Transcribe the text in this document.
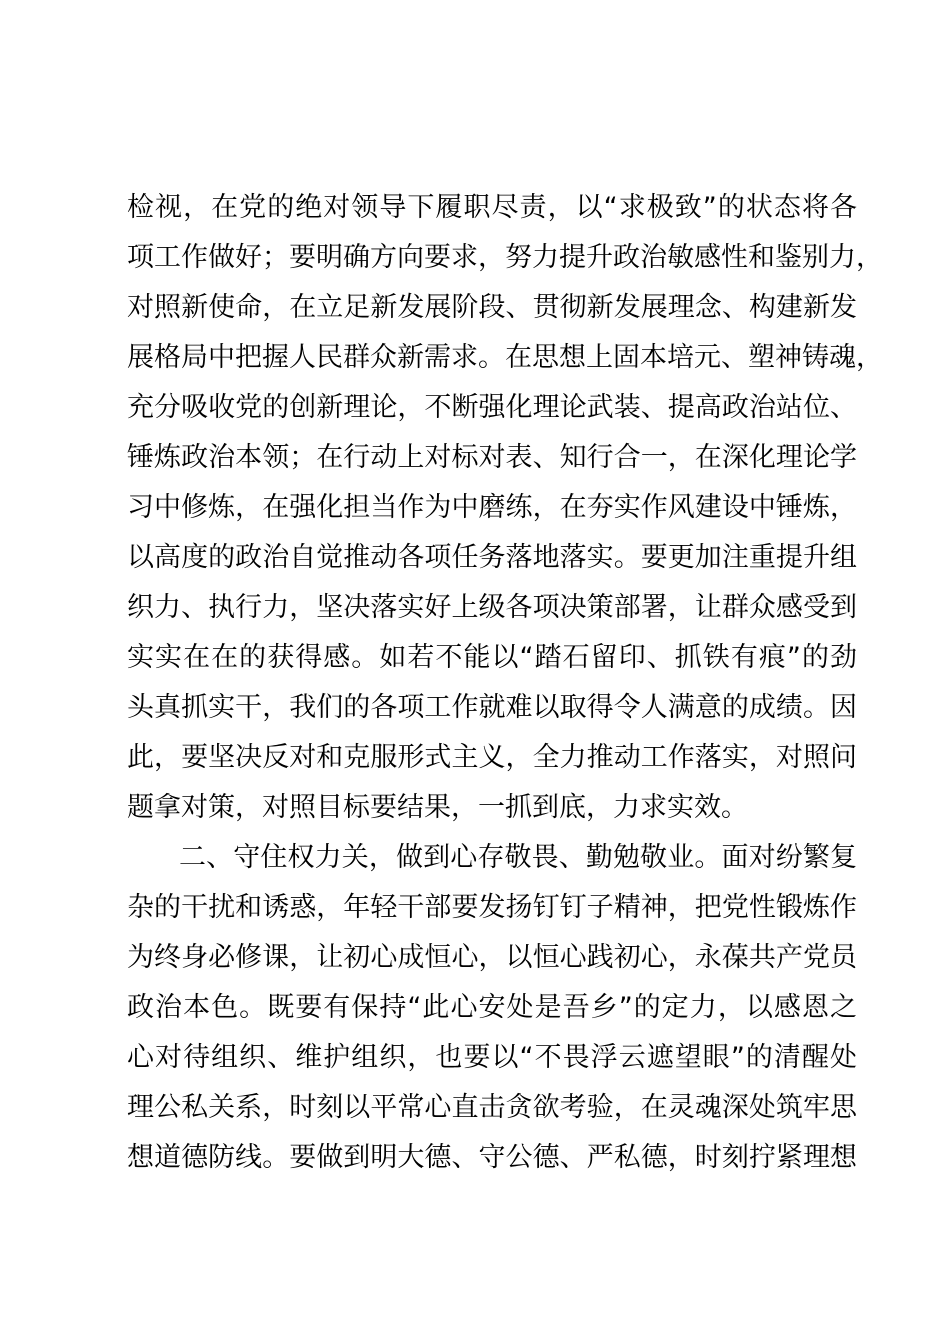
检视，在党的绝对领导下履职尽责，以“求极致”的状态将各
项工作做好；要明确方向要求，努力提升政治敏感性和鉴别力，
对照新使命，在立足新发展阶段、贯彻新发展理念、构建新发
展格局中把握人民群众新需求。在思想上固本培元、塑神铸魂，
充分吸收党的创新理论，不断强化理论武装、提高政治站位、
锤炼政治本领；在行动上对标对表、知行合一，在深化理论学
习中修炼，在强化担当作为中磨练，在夯实作风建设中锤炼，
以高度的政治自觉推动各项任务落地落实。要更加注重提升组
织力、执行力，坚决落实好上级各项决策部署，让群众感受到
实实在在的获得感。如若不能以“踏石留印、抓铁有痕”的劲
头真抓实干，我们的各项工作就难以取得令人满意的成绩。因
此，要坚决反对和克服形式主义，全力推动工作落实，对照问
题拿对策，对照目标要结果，一抓到底，力求实效。
二、守住权力关，做到心存敬畏、勤勉敬业。面对纷繁复
杂的干扰和诱惑，年轻干部要发扬钉钉子精神，把党性锻炼作
为终身必修课，让初心成恒心，以恒心践初心，永葆共产党员
政治本色。既要有保持“此心安处是吾乡”的定力，以感恩之
心对待组织、维护组织，也要以“不畏浮云遮望眼”的清醒处
理公私关系，时刻以平常心直击贪欲考验，在灵魂深处筑牢思
想道德防线。要做到明大德、守公德、严私德，时刻拧紧理想
